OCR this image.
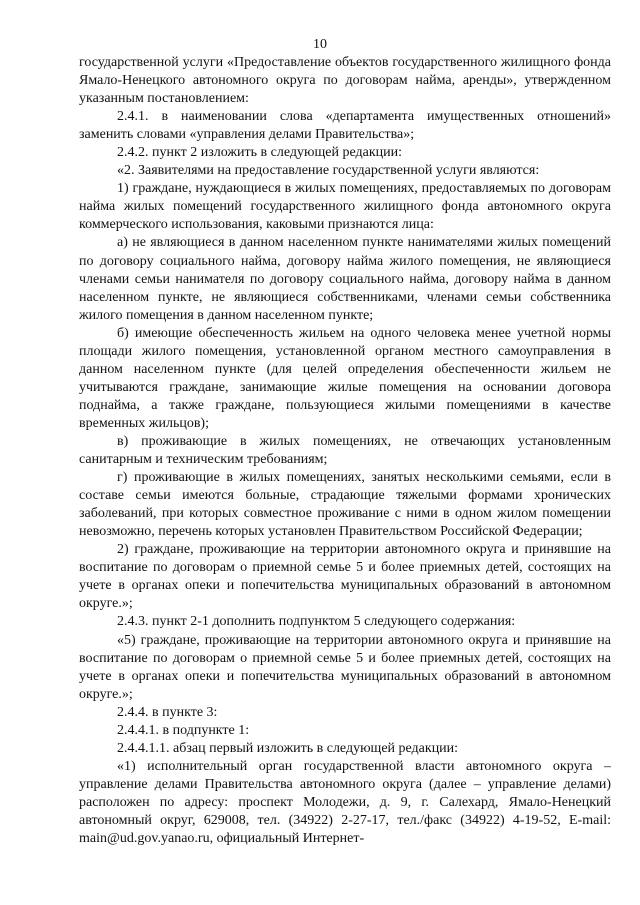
10

государственной услуги «Предоставление объектов государственного жилищного фонда Ямало-Ненецкого автономного округа по договорам найма, аренды», утвержденном указанным постановлением:

2.4.1. в наименовании слова «департамента имущественных отношений» заменить словами «управления делами Правительства»;

2.4.2. пункт 2 изложить в следующей редакции:

«2. Заявителями на предоставление государственной услуги являются:

1) граждане, нуждающиеся в жилых помещениях, предоставляемых по договорам найма жилых помещений государственного жилищного фонда автономного округа коммерческого использования, каковыми признаются лица:

а) не являющиеся в данном населенном пункте нанимателями жилых помещений по договору социального найма, договору найма жилого помещения, не являющиеся членами семьи нанимателя по договору социального найма, договору найма в данном населенном пункте, не являющиеся собственниками, членами семьи собственника жилого помещения в данном населенном пункте;

б) имеющие обеспеченность жильем на одного человека менее учетной нормы площади жилого помещения, установленной органом местного самоуправления в данном населенном пункте (для целей определения обеспеченности жильем не учитываются граждане, занимающие жилые помещения на основании договора поднайма, а также граждане, пользующиеся жилыми помещениями в качестве временных жильцов);

в) проживающие в жилых помещениях, не отвечающих установленным санитарным и техническим требованиям;

г) проживающие в жилых помещениях, занятых несколькими семьями, если в составе семьи имеются больные, страдающие тяжелыми формами хронических заболеваний, при которых совместное проживание с ними в одном жилом помещении невозможно, перечень которых установлен Правительством Российской Федерации;

2) граждане, проживающие на территории автономного округа и принявшие на воспитание по договорам о приемной семье 5 и более приемных детей, состоящих на учете в органах опеки и попечительства муниципальных образований в автономном округе.»;

2.4.3. пункт 2-1 дополнить подпунктом 5 следующего содержания:

«5) граждане, проживающие на территории автономного округа и принявшие на воспитание по договорам о приемной семье 5 и более приемных детей, состоящих на учете в органах опеки и попечительства муниципальных образований в автономном округе.»;

2.4.4. в пункте 3:

2.4.4.1. в подпункте 1:

2.4.4.1.1. абзац первый изложить в следующей редакции:

«1) исполнительный орган государственной власти автономного округа – управление делами Правительства автономного округа (далее – управление делами) расположен по адресу: проспект Молодежи, д. 9, г. Салехард, Ямало-Ненецкий автономный округ, 629008, тел. (34922) 2-27-17, тел./факс (34922) 4-19-52, E-mail: main@ud.gov.yanao.ru, официальный Интернет-
